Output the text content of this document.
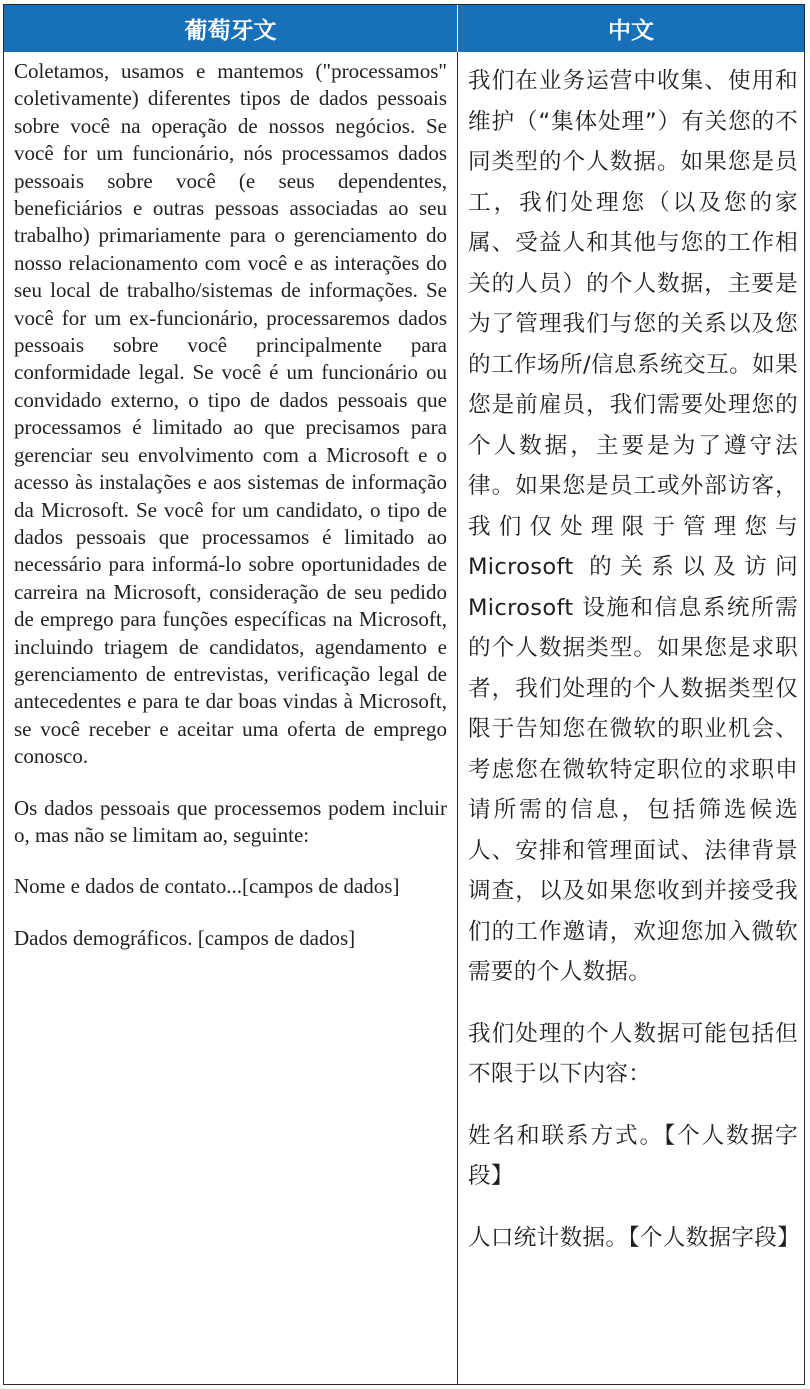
葡萄牙文	中文

Coletamos, usamos e mantemos ("processamos" coletivamente) diferentes tipos de dados pessoais sobre você na operação de nossos negócios. Se você for um funcionário, nós processamos dados pessoais sobre você (e seus dependentes, beneficiários e outras pessoas associadas ao seu trabalho) primariamente para o gerenciamento do nosso relacionamento com você e as interações do seu local de trabalho/sistemas de informações. Se você for um ex-funcionário, processaremos dados pessoais sobre você principalmente para conformidade legal. Se você é um funcionário ou convidado externo, o tipo de dados pessoais que processamos é limitado ao que precisamos para gerenciar seu envolvimento com a Microsoft e o acesso às instalações e aos sistemas de informação da Microsoft. Se você for um candidato, o tipo de dados pessoais que processamos é limitado ao necessário para informá-lo sobre oportunidades de carreira na Microsoft, consideração de seu pedido de emprego para funções específicas na Microsoft, incluindo triagem de candidatos, agendamento e gerenciamento de entrevistas, verificação legal de antecedentes e para te dar boas vindas à Microsoft, se você receber e aceitar uma oferta de emprego conosco.

Os dados pessoais que processemos podem incluir o, mas não se limitam ao, seguinte:

Nome e dados de contato...[campos de dados]

Dados demográficos. [campos de dados]

我们在业务运营中收集、使用和维护（“集体处理”）有关您的不同类型的个人数据。如果您是员工，我们处理您（以及您的家属、受益人和其他与您的工作相关的人员）的个人数据，主要是为了管理我们与您的关系以及您的工作场所/信息系统交互。如果您是前雇员，我们需要处理您的个人数据，主要是为了遵守法律。如果您是员工或外部访客，我们仅处理限于管理您与 Microsoft 的关系以及访问 Microsoft 设施和信息系统所需的个人数据类型。如果您是求职者，我们处理的个人数据类型仅限于告知您在微软的职业机会、考虑您在微软特定职位的求职申请所需的信息，包括筛选候选人、安排和管理面试、法律背景调查，以及如果您收到并接受我们的工作邀请，欢迎您加入微软需要的个人数据。

我们处理的个人数据可能包括但不限于以下内容：

姓名和联系方式。【个人数据字段】

人口统计数据。【个人数据字段】
